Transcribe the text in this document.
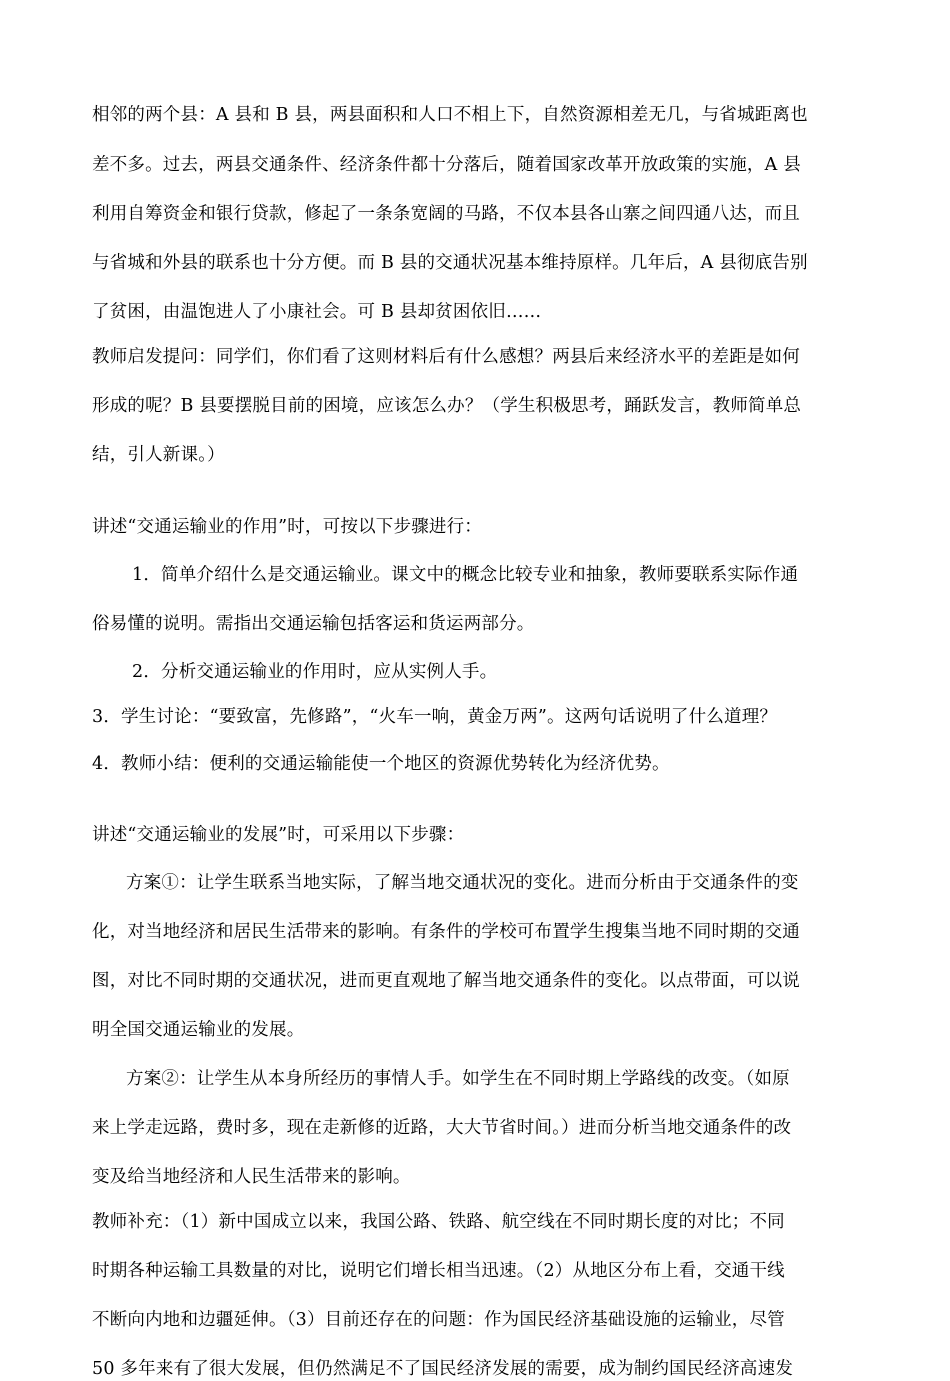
相邻的两个县：A 县和 B 县，两县面积和人口不相上下，自然资源相差无几，与省城距离也
差不多。过去，两县交通条件、经济条件都十分落后，随着国家改革开放政策的实施，A 县
利用自筹资金和银行贷款，修起了一条条宽阔的马路，不仅本县各山寨之间四通八达，而且
与省城和外县的联系也十分方便。而 B 县的交通状况基本维持原样。几年后，A 县彻底告别
了贫困，由温饱进人了小康社会。可 B 县却贫困依旧……
教师启发提问：同学们，你们看了这则材料后有什么感想？两县后来经济水平的差距是如何
形成的呢？B 县要摆脱目前的困境，应该怎么办？（学生积极思考，踊跃发言，教师简单总
结，引人新课。）
讲述“交通运输业的作用”时，可按以下步骤进行：
1．简单介绍什么是交通运输业。课文中的概念比较专业和抽象，教师要联系实际作通
俗易懂的说明。需指出交通运输包括客运和货运两部分。
2．分析交通运输业的作用时，应从实例人手。
3．学生讨论：“要致富，先修路”，“火车一响，黄金万两”。这两句话说明了什么道理？
4．教师小结：便利的交通运输能使一个地区的资源优势转化为经济优势。
讲述“交通运输业的发展”时，可采用以下步骤：
方案①：让学生联系当地实际，了解当地交通状况的变化。进而分析由于交通条件的变
化，对当地经济和居民生活带来的影响。有条件的学校可布置学生搜集当地不同时期的交通
图，对比不同时期的交通状况，进而更直观地了解当地交通条件的变化。以点带面，可以说
明全国交通运输业的发展。
方案②：让学生从本身所经历的事情人手。如学生在不同时期上学路线的改变。（如原
来上学走远路，费时多，现在走新修的近路，大大节省时间。）进而分析当地交通条件的改
变及给当地经济和人民生活带来的影响。
教师补充：（1）新中国成立以来，我国公路、铁路、航空线在不同时期长度的对比；不同
时期各种运输工具数量的对比，说明它们增长相当迅速。（2）从地区分布上看，交通干线
不断向内地和边疆延伸。（3）目前还存在的问题：作为国民经济基础设施的运输业，尽管
50 多年来有了很大发展，但仍然满足不了国民经济发展的需要，成为制约国民经济高速发
